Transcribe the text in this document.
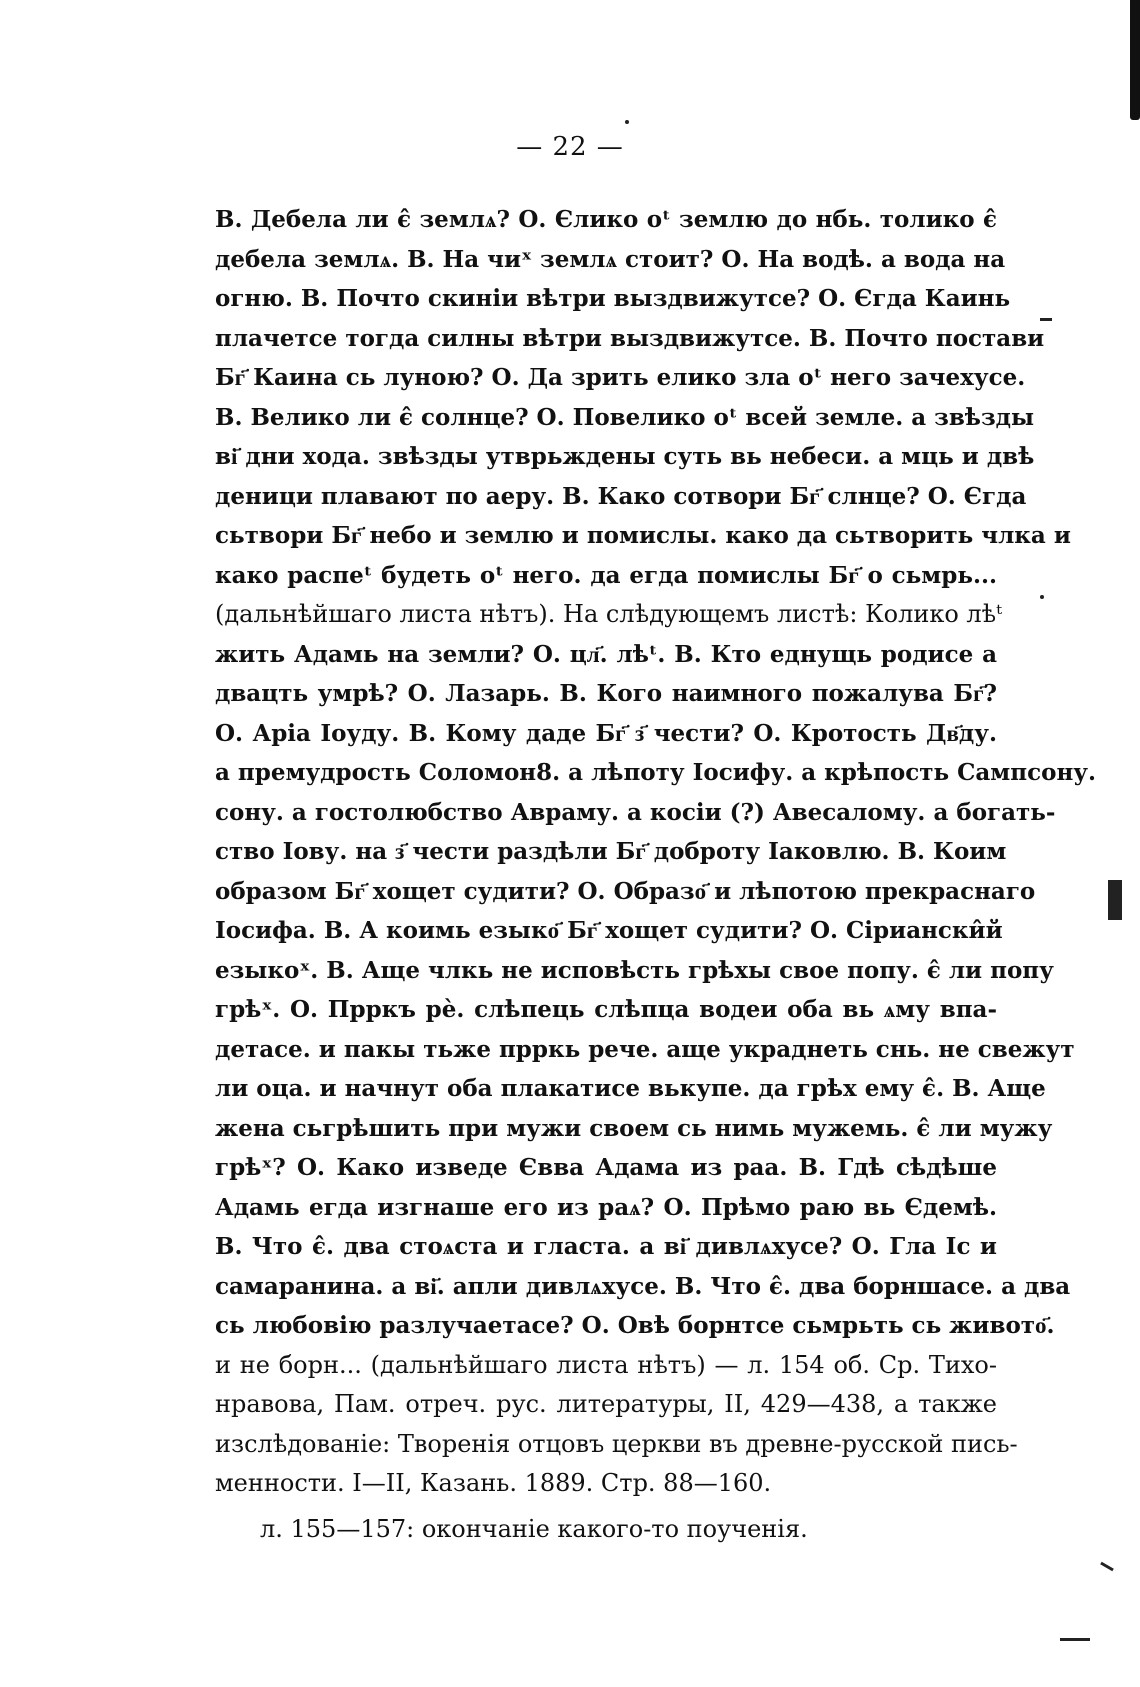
— 22 —
В. Дебела ли є̂ землѧ? О. Єлико оᵗ землю до нбь. толико є̂
дебела землѧ. В. На чиˣ землѧ стоит? О. На водѣ. а вода на
огню. В. Почто скиніи вѣтри выздвижутсе? О. Єгда Каинь
плачетсе тогда силны вѣтри выздвижутсе. В. Почто постави
Бг҃ Каина сь луною? О. Да зрить елико зла оᵗ него зачехусе.
В. Велико ли є̂ солнце? О. Повелико оᵗ всей земле. а звѣзды
ві҃ дни хода. звѣзды утврьждены суть вь небеси. а мць и двѣ
деници плавают по аеру. В. Како сотвори Бг҃ слнце? О. Єгда
сьтвори Бг҃ небо и землю и помислы. како да сьтворить члка и
како распеᵗ будеть оᵗ него. да егда помислы Бг҃ о сьмрь...
(дальнѣйшаго листа нѣтъ). На слѣдующемъ листѣ: Колико лѣᵗ
жить Адамь на земли? О. цл҃. лѣᵗ. В. Кто еднущь родисе а
двацть умрѣ? О. Лазарь. В. Кого наимного пожалува Бг҃?
О. Аріа Іоуду. В. Кому даде Бг҃ з҃ чести? О. Кротость Дв҃ду.
а премудрость Соломон8. а лѣпоту Іосифу. а крѣпость Сампсону.
сону. а гостолюбство Авраму. а косіи (?) Авесалому. а богать-
ство Іову. на з҃ чести раздѣли Бг҃ доброту Іаковлю. В. Коим
образом Бг҃ хощет судити? О. Образо҃ и лѣпотою прекраснаго
Іосифа. В. А коимь езыко҃ Бг҃ хощет судити? О. Сіриански̂й
езыкоˣ. В. Аще члкь не исповѣсть грѣхы свое попу. є̂ ли попу
грѣˣ. О. Прркъ рѐ. слѣпець слѣпца водеи оба вь ѧму впа-
детасе. и пакы тьже прркь рече. аще украднеть снь. не свежут
ли оца. и начнут оба плакатисе вькупе. да грѣх ему є̂. В. Аще
жена сьгрѣшить при мужи своем сь нимь мужемь. є̂ ли мужу
грѣˣ? О. Како изведе Євва Адама из раа. В. Гдѣ сѣдѣше
Адамь егда изгнаше его из раѧ? О. Прѣмо раю вь Єдемѣ.
В. Что є̂. два стоѧста и гласта. а ві҃ дивлѧхусе? О. Гла Іс и
самаранина. а ві҃. апли дивлѧхусе. В. Что є̂. два борншасе. а два
сь любовію разлучаетасе? О. Овѣ борнтсе сьмрьть сь живото҃.
и не борн... (дальнѣйшаго листа нѣтъ) — л. 154 об. Ср. Тихо-
нравова, Пам. отреч. рус. литературы, II, 429—438, а также
изслѣдованіе: Творенія отцовъ церкви въ древне-русской пись-
менности. I—II, Казань. 1889. Стр. 88—160.
л. 155—157: окончаніе какого-то поученія.
